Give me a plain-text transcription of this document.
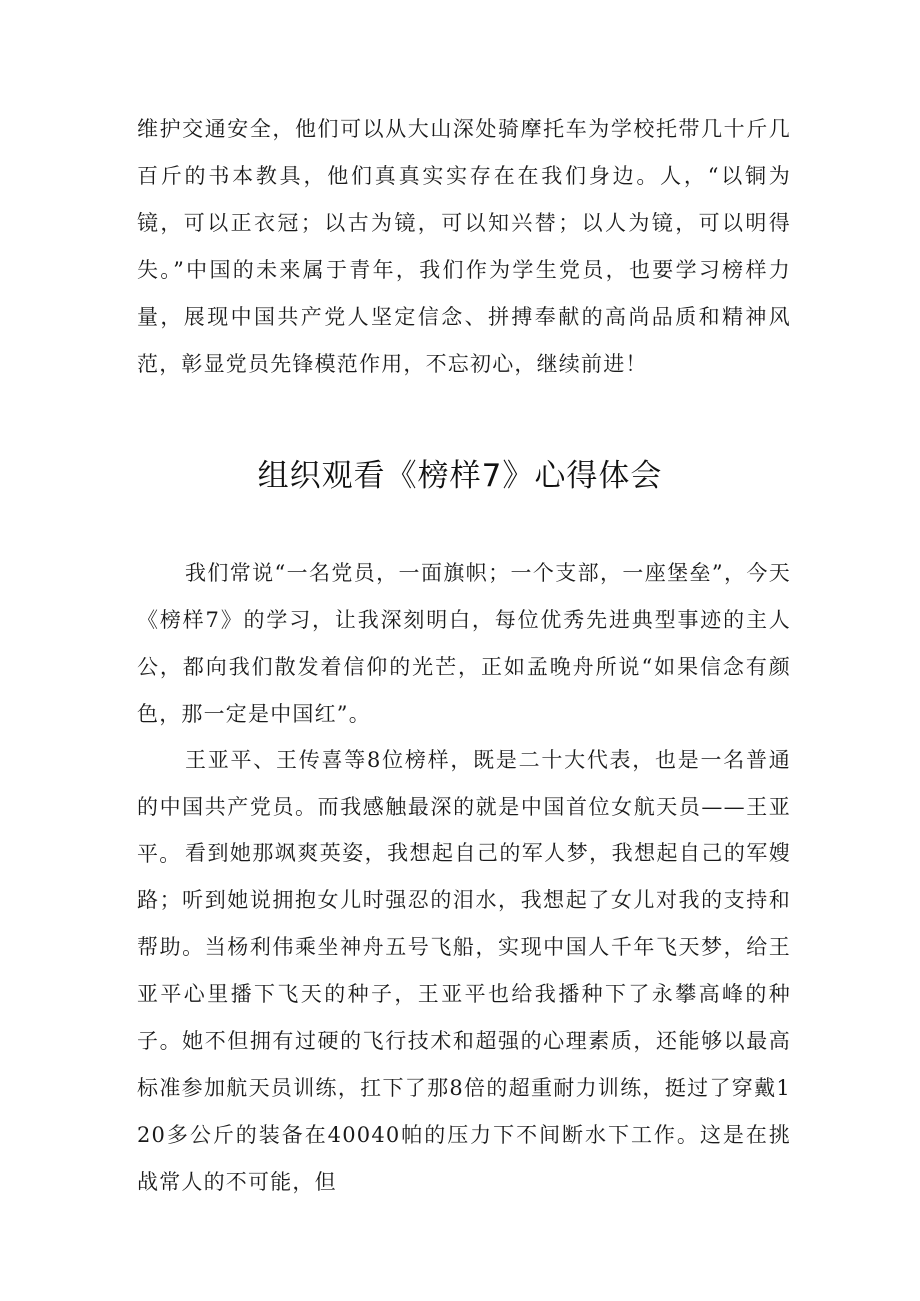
维护交通安全，他们可以从大山深处骑摩托车为学校托带几十斤几百斤的书本教具，他们真真实实存在在我们身边。人，“以铜为镜，可以正衣冠；以古为镜，可以知兴替；以人为镜，可以明得失。”中国的未来属于青年，我们作为学生党员，也要学习榜样力量，展现中国共产党人坚定信念、拼搏奉献的高尚品质和精神风范，彰显党员先锋模范作用，不忘初心，继续前进！

组织观看《榜样7》心得体会

我们常说“一名党员，一面旗帜；一个支部，一座堡垒”，今天《榜样7》的学习，让我深刻明白，每位优秀先进典型事迹的主人公，都向我们散发着信仰的光芒，正如孟晚舟所说“如果信念有颜色，那一定是中国红”。

王亚平、王传喜等8位榜样，既是二十大代表，也是一名普通的中国共产党员。而我感触最深的就是中国首位女航天员——王亚平。 看到她那飒爽英姿，我想起自己的军人梦，我想起自己的军嫂路；听到她说拥抱女儿时强忍的泪水，我想起了女儿对我的支持和帮助。当杨利伟乘坐神舟五号飞船，实现中国人千年飞天梦，给王亚平心里播下飞天的种子，王亚平也给我播种下了永攀高峰的种子。她不但拥有过硬的飞行技术和超强的心理素质，还能够以最高标准参加航天员训练，扛下了那8倍的超重耐力训练，挺过了穿戴120多公斤的装备在40040帕的压力下不间断水下工作。这是在挑战常人的不可能，但
